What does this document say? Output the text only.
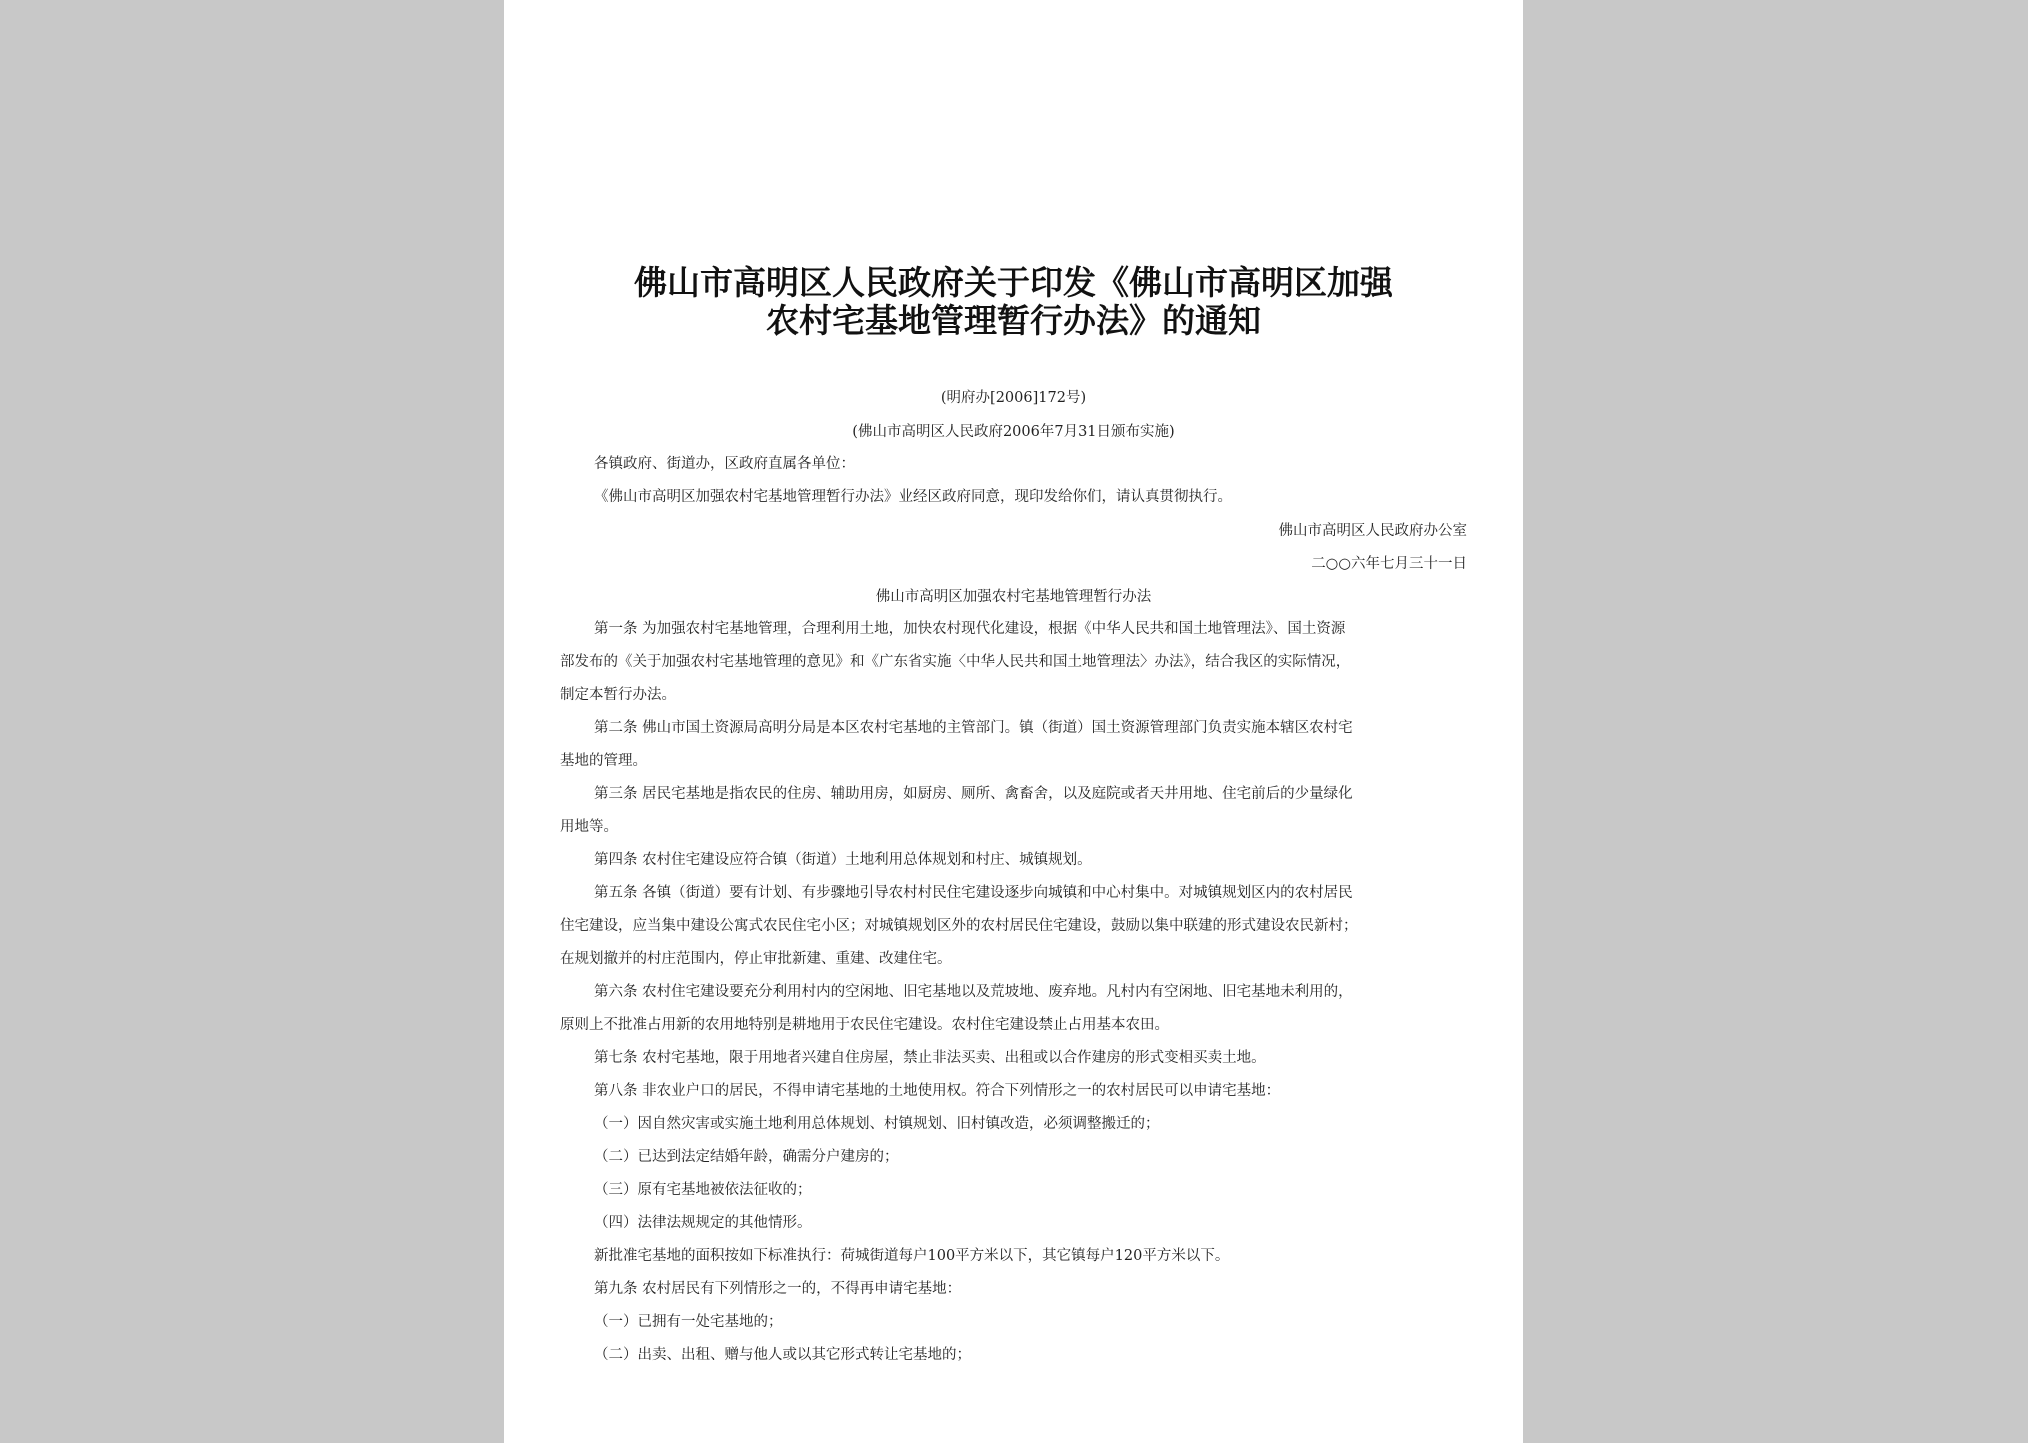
佛山市高明区人民政府关于印发《佛山市高明区加强
农村宅基地管理暂行办法》的通知
(明府办[2006]172号)
(佛山市高明区人民政府2006年7月31日颁布实施)
各镇政府、街道办，区政府直属各单位：
《佛山市高明区加强农村宅基地管理暂行办法》业经区政府同意，现印发给你们，请认真贯彻执行。
佛山市高明区人民政府办公室
二○○六年七月三十一日
佛山市高明区加强农村宅基地管理暂行办法
第一条 为加强农村宅基地管理，合理利用土地，加快农村现代化建设，根据《中华人民共和国土地管理法》、国土资源
部发布的《关于加强农村宅基地管理的意见》和《广东省实施〈中华人民共和国土地管理法〉办法》，结合我区的实际情况，
制定本暂行办法。
第二条 佛山市国土资源局高明分局是本区农村宅基地的主管部门。镇（街道）国土资源管理部门负责实施本辖区农村宅
基地的管理。
第三条 居民宅基地是指农民的住房、辅助用房，如厨房、厕所、禽畜舍，以及庭院或者天井用地、住宅前后的少量绿化
用地等。
第四条 农村住宅建设应符合镇（街道）土地利用总体规划和村庄、城镇规划。
第五条 各镇（街道）要有计划、有步骤地引导农村村民住宅建设逐步向城镇和中心村集中。对城镇规划区内的农村居民
住宅建设，应当集中建设公寓式农民住宅小区；对城镇规划区外的农村居民住宅建设，鼓励以集中联建的形式建设农民新村；
在规划撤并的村庄范围内，停止审批新建、重建、改建住宅。
第六条 农村住宅建设要充分利用村内的空闲地、旧宅基地以及荒坡地、废弃地。凡村内有空闲地、旧宅基地未利用的，
原则上不批准占用新的农用地特别是耕地用于农民住宅建设。农村住宅建设禁止占用基本农田。
第七条 农村宅基地，限于用地者兴建自住房屋，禁止非法买卖、出租或以合作建房的形式变相买卖土地。
第八条 非农业户口的居民，不得申请宅基地的土地使用权。符合下列情形之一的农村居民可以申请宅基地：
（一）因自然灾害或实施土地利用总体规划、村镇规划、旧村镇改造，必须调整搬迁的；
（二）已达到法定结婚年龄，确需分户建房的；
（三）原有宅基地被依法征收的；
（四）法律法规规定的其他情形。
新批准宅基地的面积按如下标准执行：荷城街道每户100平方米以下，其它镇每户120平方米以下。
第九条 农村居民有下列情形之一的，不得再申请宅基地：
（一）已拥有一处宅基地的；
（二）出卖、出租、赠与他人或以其它形式转让宅基地的；
